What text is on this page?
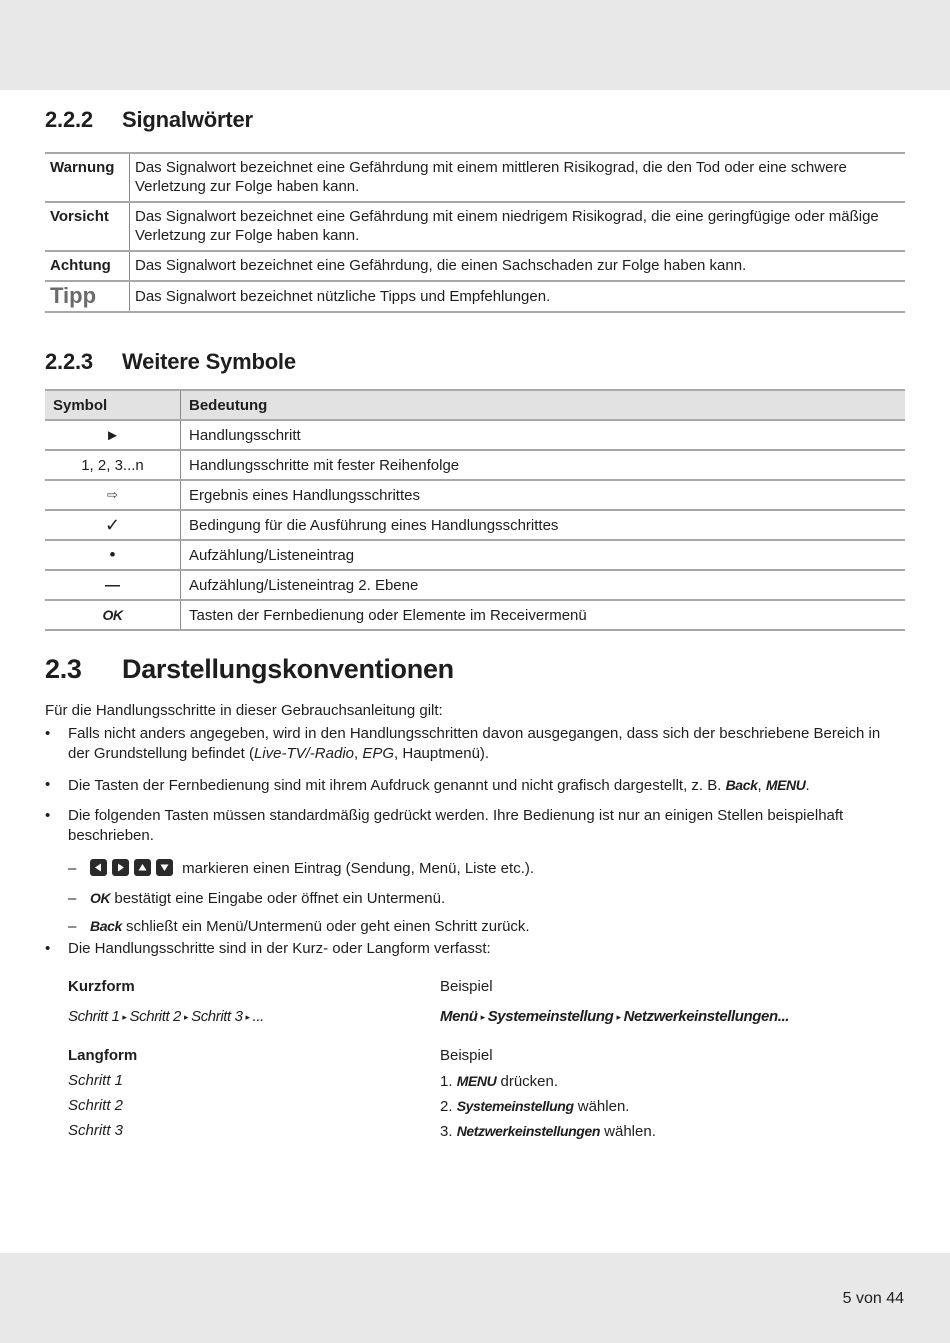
2.2.2 Signalwörter
Warnung	Das Signalwort bezeichnet eine Gefährdung mit einem mittleren Risikograd, die den Tod oder eine schwere Verletzung zur Folge haben kann.
Vorsicht	Das Signalwort bezeichnet eine Gefährdung mit einem niedrigem Risikograd, die eine geringfügige oder mäßige Verletzung zur Folge haben kann.
Achtung	Das Signalwort bezeichnet eine Gefährdung, die einen Sachschaden zur Folge haben kann.
Tipp	Das Signalwort bezeichnet nützliche Tipps und Empfehlungen.
2.2.3 Weitere Symbole
Symbol	Bedeutung
►	Handlungsschritt
1, 2, 3...n	Handlungsschritte mit fester Reihenfolge
⇨	Ergebnis eines Handlungsschrittes
✓	Bedingung für die Ausführung eines Handlungsschrittes
•	Aufzählung/Listeneintrag
—	Aufzählung/Listeneintrag 2. Ebene
OK	Tasten der Fernbedienung oder Elemente im Receivermenü
2.3 Darstellungskonventionen

Für die Handlungsschritte in dieser Gebrauchsanleitung gilt:

• Falls nicht anders angegeben, wird in den Handlungsschritten davon ausgegangen, dass sich der beschriebene Bereich in der Grundstellung befindet (Live-TV/-Radio, EPG, Hauptmenü).
• Die Tasten der Fernbedienung sind mit ihrem Aufdruck genannt und nicht grafisch dargestellt, z. B. Back, MENU.
• Die folgenden Tasten müssen standardmäßig gedrückt werden. Ihre Bedienung ist nur an einigen Stellen beispielhaft beschrieben.
–	markieren einen Eintrag (Sendung, Menü, Liste etc.).
– OK bestätigt eine Eingabe oder öffnet ein Untermenü.
– Back schließt ein Menü/Untermenü oder geht einen Schritt zurück.
• Die Handlungsschritte sind in der Kurz- oder Langform verfasst:
Kurzform	Beispiel
Schritt 1 ▸ Schritt 2 ▸ Schritt 3 ▸ ...	Menü ▸ Systemeinstellung ▸ Netzwerkeinstellungen...
Langform	Beispiel
Schritt 1	1. MENU drücken.
Schritt 2	2. Systemeinstellung wählen.
Schritt 3	3. Netzwerkeinstellungen wählen.
5 von 44
